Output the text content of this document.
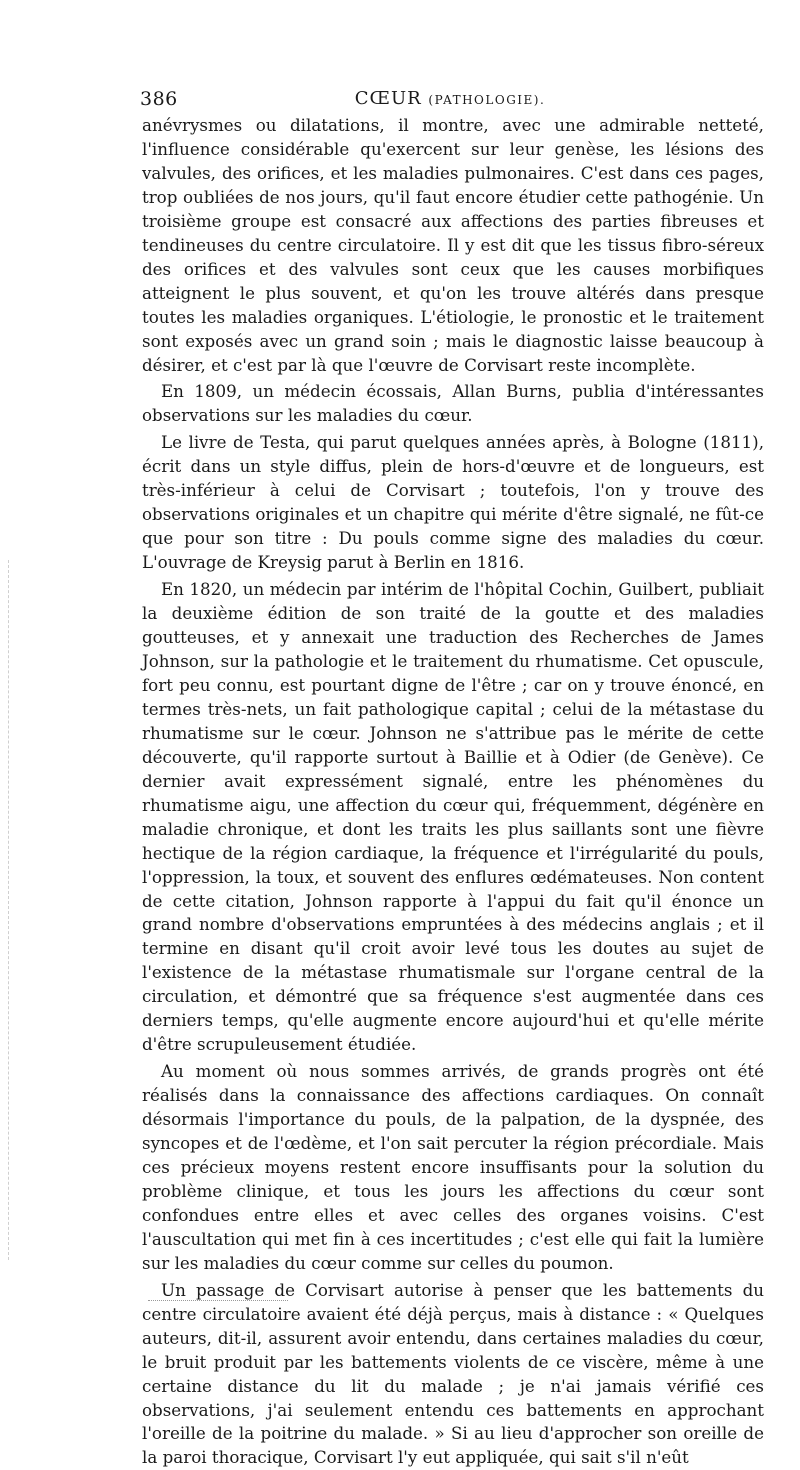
386	CŒUR (PATHOLOGIE).

anévrysmes ou dilatations, il montre, avec une admirable netteté, l'influence considérable qu'exercent sur leur genèse, les lésions des valvules, des orifices, et les maladies pulmonaires. C'est dans ces pages, trop oubliées de nos jours, qu'il faut encore étudier cette pathogénie. Un troisième groupe est consacré aux affections des parties fibreuses et tendineuses du centre circulatoire. Il y est dit que les tissus fibro-séreux des orifices et des valvules sont ceux que les causes morbifiques atteignent le plus souvent, et qu'on les trouve altérés dans presque toutes les maladies organiques. L'étiologie, le pronostic et le traitement sont exposés avec un grand soin ; mais le diagnostic laisse beaucoup à désirer, et c'est par là que l'œuvre de Corvisart reste incomplète.

En 1809, un médecin écossais, Allan Burns, publia d'intéressantes observations sur les maladies du cœur.

Le livre de Testa, qui parut quelques années après, à Bologne (1811), écrit dans un style diffus, plein de hors-d'œuvre et de longueurs, est très-inférieur à celui de Corvisart ; toutefois, l'on y trouve des observations originales et un chapitre qui mérite d'être signalé, ne fût-ce que pour son titre : Du pouls comme signe des maladies du cœur. L'ouvrage de Kreysig parut à Berlin en 1816.

En 1820, un médecin par intérim de l'hôpital Cochin, Guilbert, publiait la deuxième édition de son traité de la goutte et des maladies goutteuses, et y annexait une traduction des Recherches de James Johnson, sur la pathologie et le traitement du rhumatisme. Cet opuscule, fort peu connu, est pourtant digne de l'être ; car on y trouve énoncé, en termes très-nets, un fait pathologique capital ; celui de la métastase du rhumatisme sur le cœur. Johnson ne s'attribue pas le mérite de cette découverte, qu'il rapporte surtout à Baillie et à Odier (de Genève). Ce dernier avait expressément signalé, entre les phénomènes du rhumatisme aigu, une affection du cœur qui, fréquemment, dégénère en maladie chronique, et dont les traits les plus saillants sont une fièvre hectique de la région cardiaque, la fréquence et l'irrégularité du pouls, l'oppression, la toux, et souvent des enflures œdémateuses. Non content de cette citation, Johnson rapporte à l'appui du fait qu'il énonce un grand nombre d'observations empruntées à des médecins anglais ; et il termine en disant qu'il croit avoir levé tous les doutes au sujet de l'existence de la métastase rhumatismale sur l'organe central de la circulation, et démontré que sa fréquence s'est augmentée dans ces derniers temps, qu'elle augmente encore aujourd'hui et qu'elle mérite d'être scrupuleusement étudiée.

Au moment où nous sommes arrivés, de grands progrès ont été réalisés dans la connaissance des affections cardiaques. On connaît désormais l'importance du pouls, de la palpation, de la dyspnée, des syncopes et de l'œdème, et l'on sait percuter la région précordiale. Mais ces précieux moyens restent encore insuffisants pour la solution du problème clinique, et tous les jours les affections du cœur sont confondues entre elles et avec celles des organes voisins. C'est l'auscultation qui met fin à ces incertitudes ; c'est elle qui fait la lumière sur les maladies du cœur comme sur celles du poumon.

Un passage de Corvisart autorise à penser que les battements du centre circulatoire avaient été déjà perçus, mais à distance : « Quelques auteurs, dit-il, assurent avoir entendu, dans certaines maladies du cœur, le bruit produit par les battements violents de ce viscère, même à une certaine distance du lit du malade ; je n'ai jamais vérifié ces observations, j'ai seulement entendu ces battements en approchant l'oreille de la poitrine du malade. » Si au lieu d'approcher son oreille de la paroi thoracique, Corvisart l'y eut appliquée, qui sait s'il n'eût
